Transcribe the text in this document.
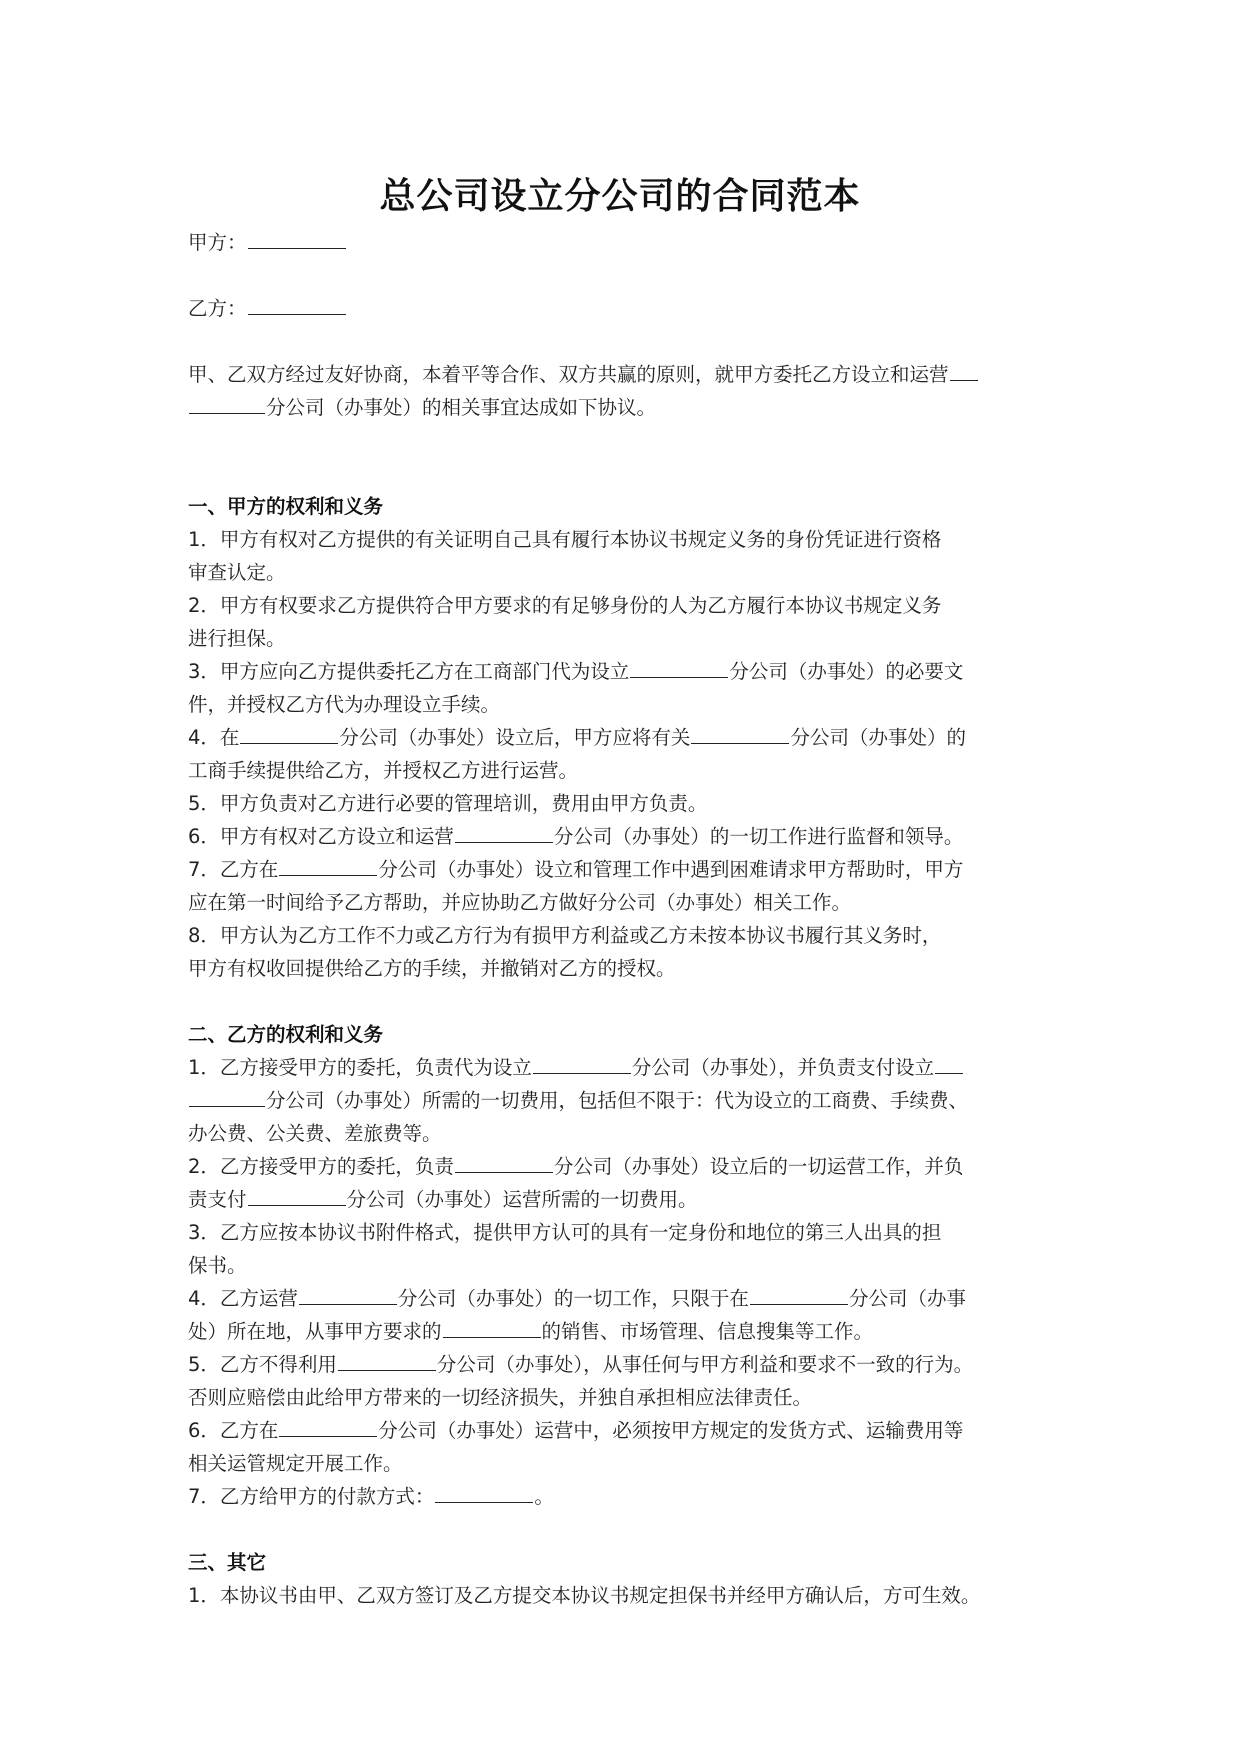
总公司设立分公司的合同范本
甲方：
乙方：
甲、乙双方经过友好协商，本着平等合作、双方共赢的原则，就甲方委托乙方设立和运营
分公司（办事处）的相关事宜达成如下协议。
一、甲方的权利和义务
1．甲方有权对乙方提供的有关证明自己具有履行本协议书规定义务的身份凭证进行资格
审查认定。
2．甲方有权要求乙方提供符合甲方要求的有足够身份的人为乙方履行本协议书规定义务
进行担保。
3．甲方应向乙方提供委托乙方在工商部门代为设立	分公司（办事处）的必要文
件，并授权乙方代为办理设立手续。
4．在	分公司（办事处）设立后，甲方应将有关	分公司（办事处）的
工商手续提供给乙方，并授权乙方进行运营。
5．甲方负责对乙方进行必要的管理培训，费用由甲方负责。
6．甲方有权对乙方设立和运营	分公司（办事处）的一切工作进行监督和领导。
7．乙方在	分公司（办事处）设立和管理工作中遇到困难请求甲方帮助时，甲方
应在第一时间给予乙方帮助，并应协助乙方做好分公司（办事处）相关工作。
8．甲方认为乙方工作不力或乙方行为有损甲方利益或乙方未按本协议书履行其义务时，
甲方有权收回提供给乙方的手续，并撤销对乙方的授权。
二、乙方的权利和义务
1．乙方接受甲方的委托，负责代为设立	分公司（办事处），并负责支付设立
分公司（办事处）所需的一切费用，包括但不限于：代为设立的工商费、手续费、
办公费、公关费、差旅费等。
2．乙方接受甲方的委托，负责	分公司（办事处）设立后的一切运营工作，并负
责支付	分公司（办事处）运营所需的一切费用。
3．乙方应按本协议书附件格式，提供甲方认可的具有一定身份和地位的第三人出具的担
保书。
4．乙方运营	分公司（办事处）的一切工作，只限于在	分公司（办事
处）所在地，从事甲方要求的	的销售、市场管理、信息搜集等工作。
5．乙方不得利用	分公司（办事处），从事任何与甲方利益和要求不一致的行为。
否则应赔偿由此给甲方带来的一切经济损失，并独自承担相应法律责任。
6．乙方在	分公司（办事处）运营中，必须按甲方规定的发货方式、运输费用等
相关运管规定开展工作。
7．乙方给甲方的付款方式：	。
三、其它
1．本协议书由甲、乙双方签订及乙方提交本协议书规定担保书并经甲方确认后，方可生效。
